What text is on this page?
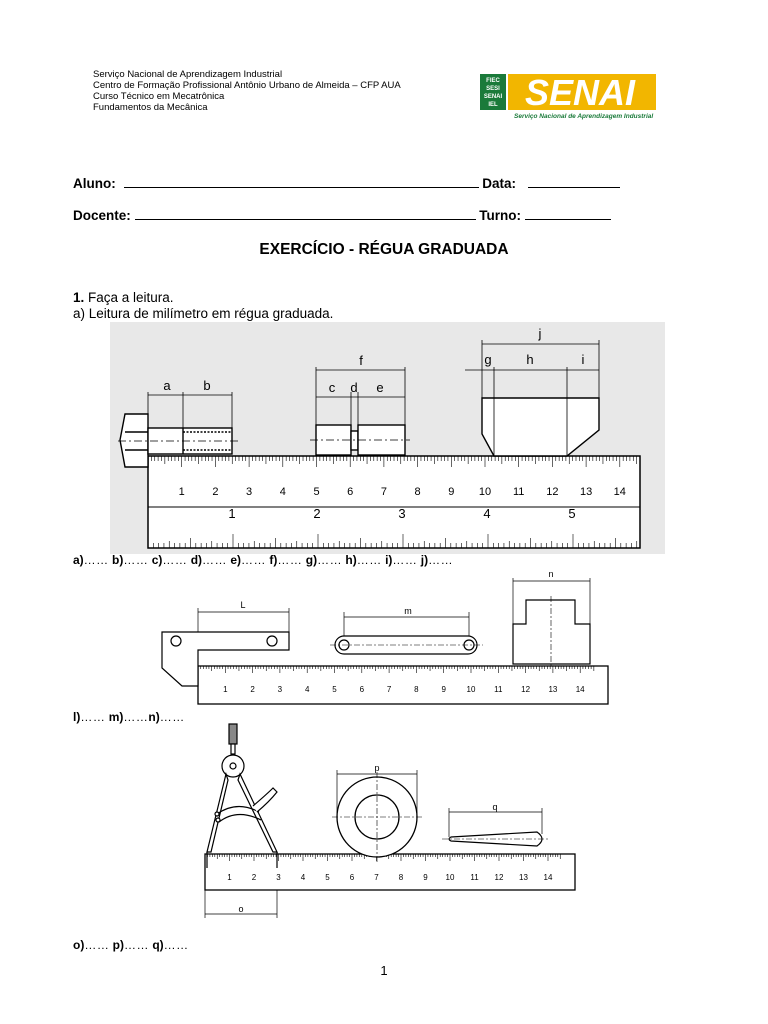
Serviço Nacional de Aprendizagem Industrial
Centro de Formação Profissional Antônio Urbano de Almeida – CFP AUA
Curso Técnico em Mecatrônica
Fundamentos da Mecânica
FIEC
SESI
SENAI
IEL SENAI
Serviço Nacional de Aprendizagem Industrial
Aluno:	Data:
Docente:	Turno:
EXERCÍCIO - RÉGUA GRADUADA
1. Faça a leitura.
a) Leitura de milímetro em régua graduada.
1	2	3	4	5	6	7	8	9 10 11 12 13 14
1	2	3	4	5
a	b
f
c d e
j
g	h	i
a)…… b)…… c)…… d)…… e)…… f)…… g)…… h)…… i)…… j)……
1	2	3	4	5	6	7	8	9	10 11 12 13 14
L
m
n
l)…… m)……n)……
1	2	3	4	5	6	7	8	9 10 11 12 13 14
o
p
q
o)…… p)…… q)……
1
